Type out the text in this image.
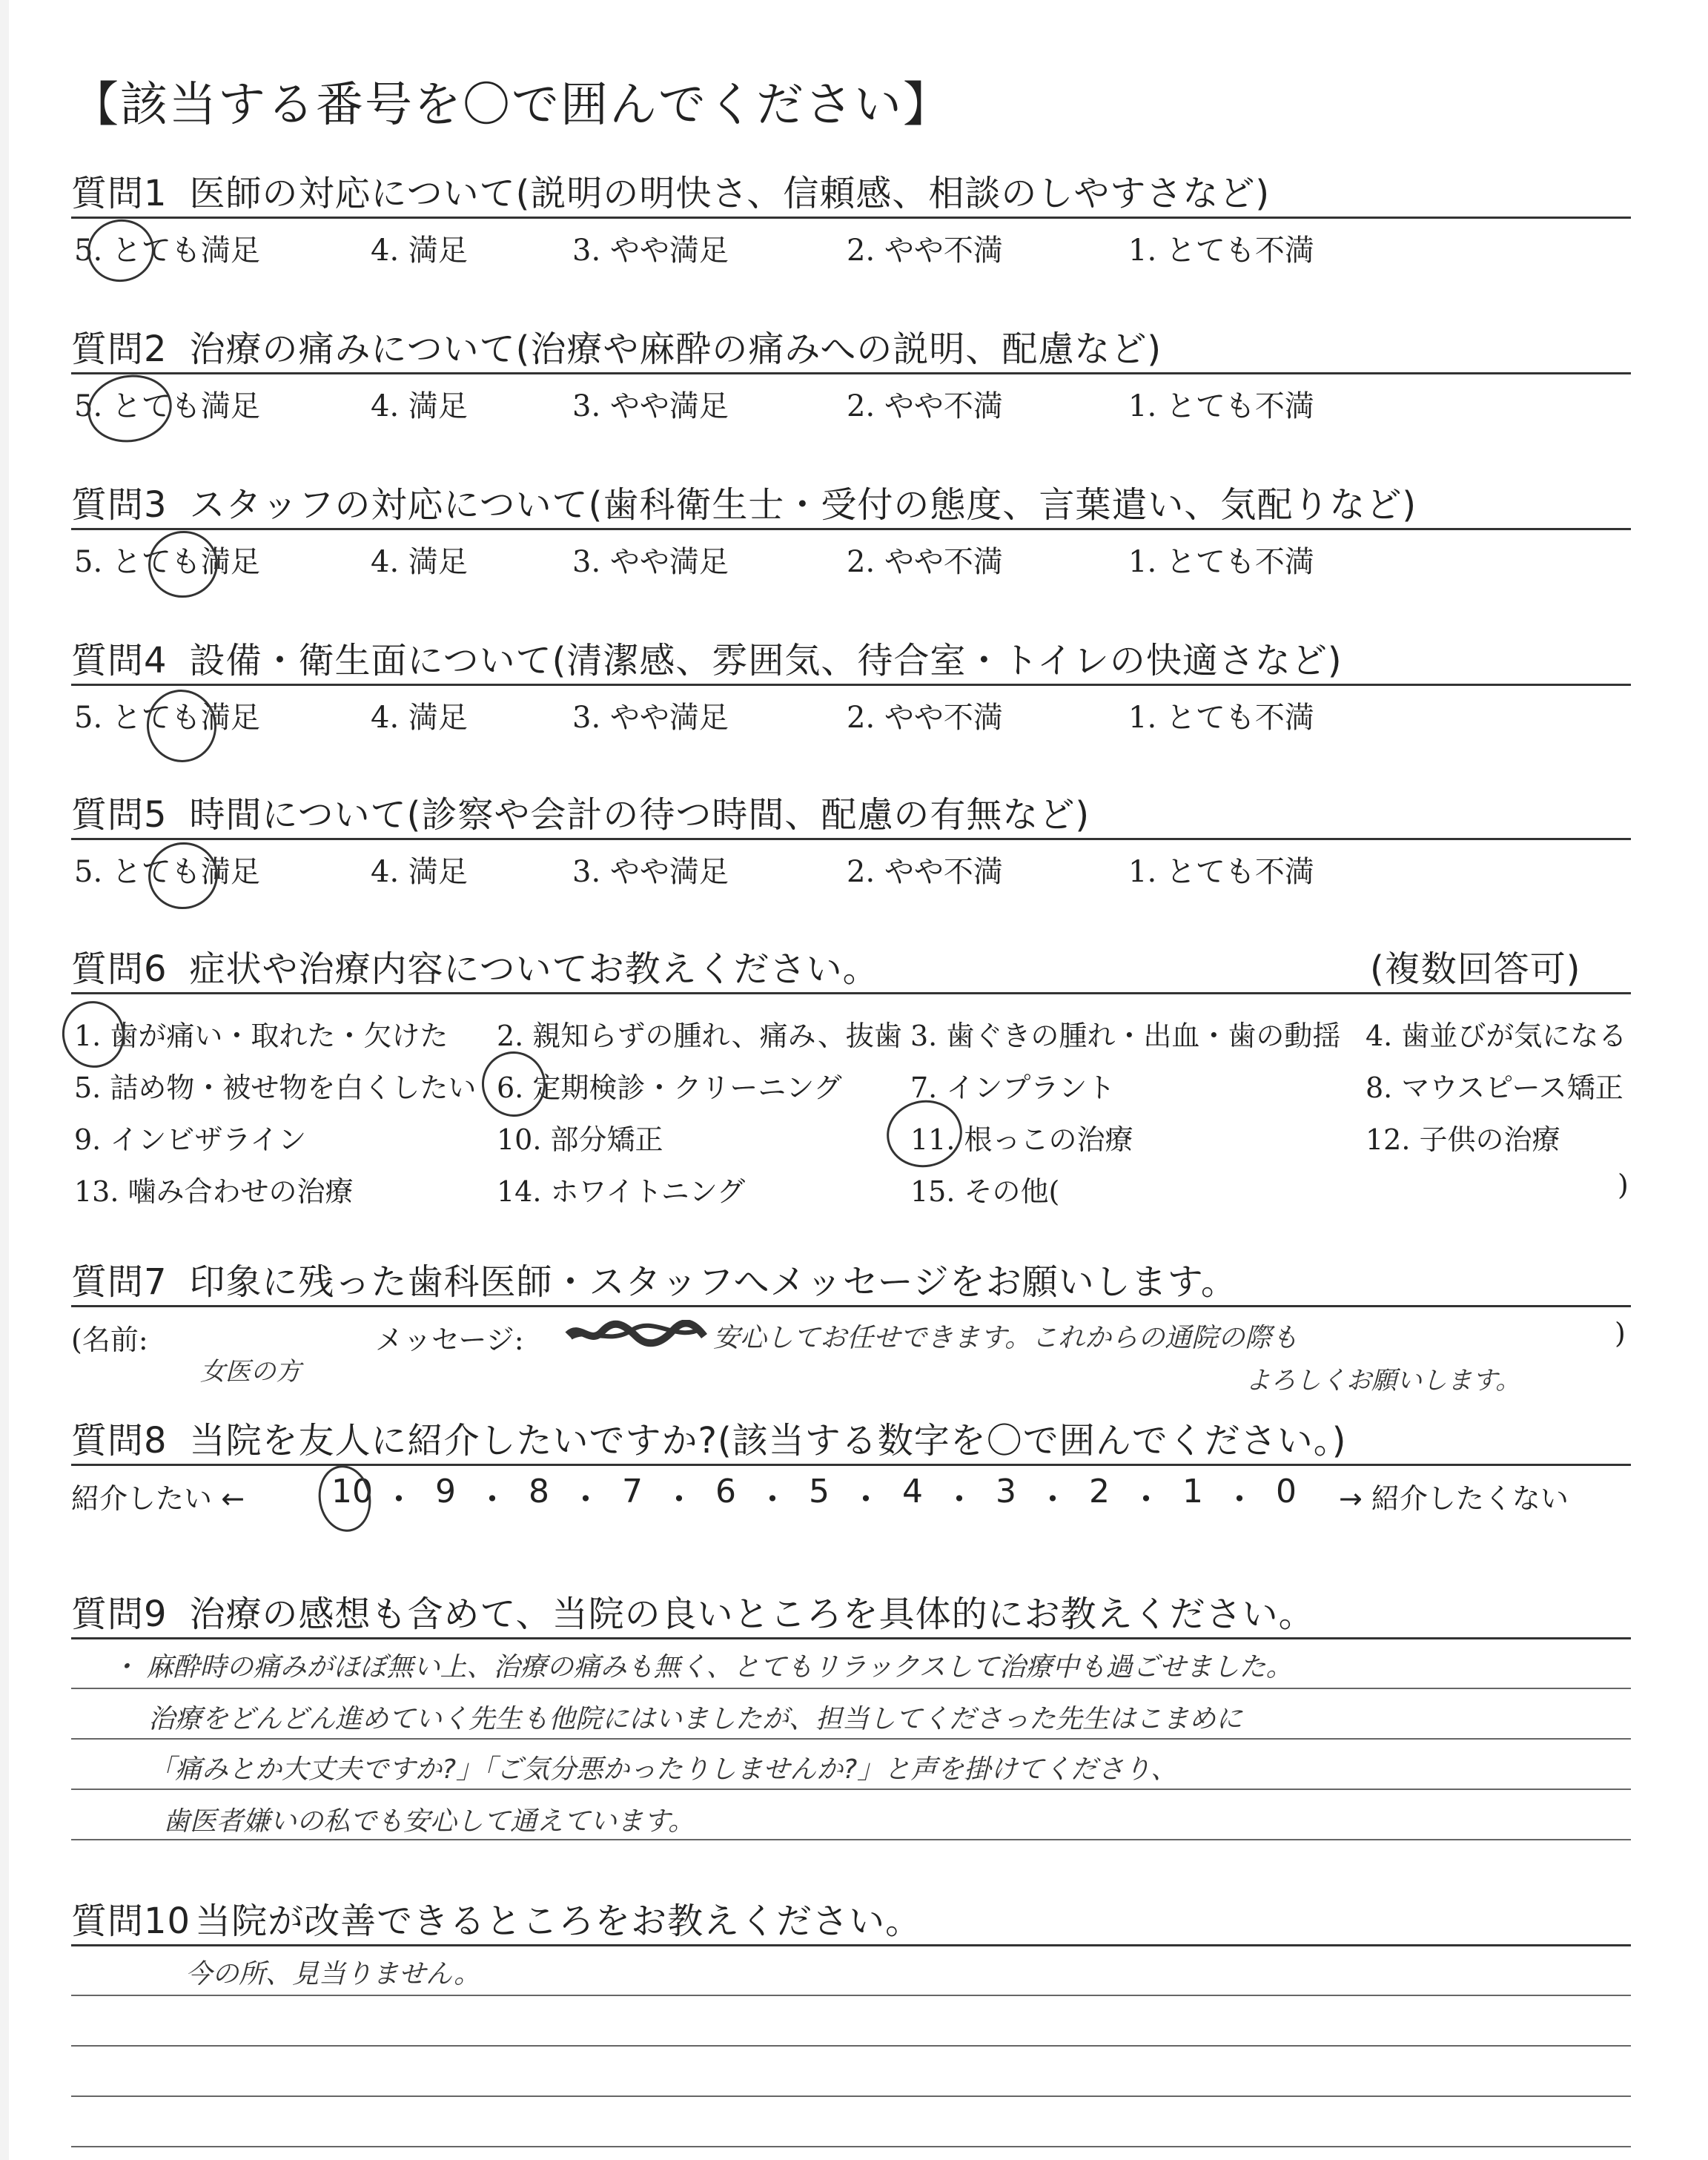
【該当する番号を〇で囲んでください】
質問1 医師の対応について(説明の明快さ、信頼感、相談のしやすさなど)
5. とても満足	4. 満足	3. やや満足	2. やや不満	1. とても不満
質問2 治療の痛みについて(治療や麻酔の痛みへの説明、配慮など)
5. とても満足	4. 満足	3. やや満足	2. やや不満	1. とても不満
質問3 スタッフの対応について(歯科衛生士・受付の態度、言葉遣い、気配りなど)
5. とても満足	4. 満足	3. やや満足	2. やや不満	1. とても不満
質問4 設備・衛生面について(清潔感、雰囲気、待合室・トイレの快適さなど)
5. とても満足	4. 満足	3. やや満足	2. やや不満	1. とても不満
質問5 時間について(診察や会計の待つ時間、配慮の有無など)
5. とても満足	4. 満足	3. やや満足	2. やや不満	1. とても不満
質問6 症状や治療内容についてお教えください。	(複数回答可)
1. 歯が痛い・取れた・欠けた 2. 親知らずの腫れ、痛み、抜歯 3. 歯ぐきの腫れ・出血・歯の動揺 4. 歯並びが気になる
5. 詰め物・被せ物を白くしたい 6. 定期検診・クリーニング 7. インプラント	8. マウスピース矯正
9. インビザライン	10. 部分矯正	11. 根っこの治療	12. 子供の治療
13. 噛み合わせの治療	14. ホワイトニング	15. その他(	)
質問7 印象に残った歯科医師・スタッフへメッセージをお願いします。
(名前:	メッセージ:	)
女医の方
安心してお任せできます。これからの通院の際も
よろしくお願いします。
質問8 当院を友人に紹介したいですか?(該当する数字を〇で囲んでください。)
紹介したい ←	10 ・ 9 ・ 8 ・ 7 ・ 6 ・ 5 ・ 4 ・ 3 ・ 2 ・ 1 ・ 0	→ 紹介したくない
質問9 治療の感想も含めて、当院の良いところを具体的にお教えください。
・ 麻酔時の痛みがほぼ無い上、治療の痛みも無く、とてもリラックスして治療中も過ごせました。
治療をどんどん進めていく先生も他院にはいましたが、担当してくださった先生はこまめに
「痛みとか大丈夫ですか?」「ご気分悪かったりしませんか?」と声を掛けてくださり、
歯医者嫌いの私でも安心して通えています。
質問10 当院が改善できるところをお教えください。
今の所、見当りません。
